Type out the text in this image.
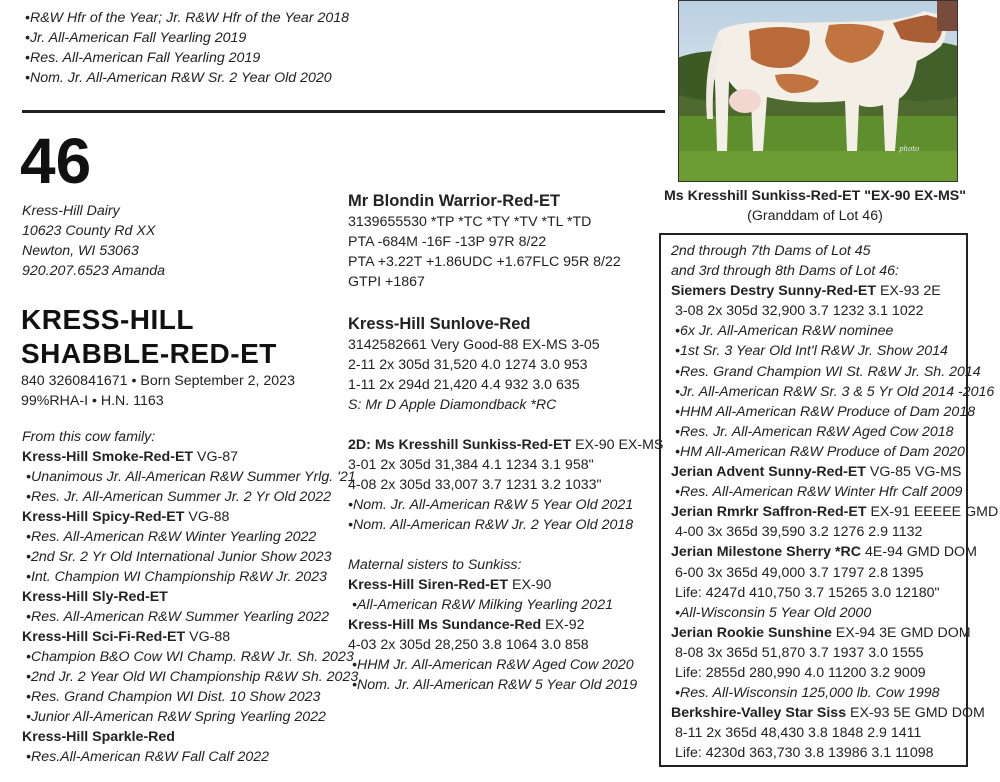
•R&W Hfr of the Year; Jr. R&W Hfr of the Year 2018
•Jr. All-American Fall Yearling 2019
•Res. All-American Fall Yearling 2019
•Nom. Jr. All-American R&W Sr. 2 Year Old 2020
46
Kress-Hill Dairy
10623 County Rd XX
Newton, WI 53063
920.207.6523 Amanda
KRESS-HILL
SHABBLE-RED-ET
840 3260841671 • Born September 2, 2023
99%RHA-I • H.N. 1163
From this cow family:
Kress-Hill Smoke-Red-ET VG-87
•Unanimous Jr. All-American R&W Summer Yrlg. '21
•Res. Jr. All-American Summer Jr. 2 Yr Old 2022
Kress-Hill Spicy-Red-ET VG-88
•Res. All-American R&W Winter Yearling 2022
•2nd Sr. 2 Yr Old International Junior Show 2023
•Int. Champion WI Championship R&W Jr. 2023
Kress-Hill Sly-Red-ET
•Res. All-American R&W Summer Yearling 2022
Kress-Hill Sci-Fi-Red-ET VG-88
•Champion B&O Cow WI Champ. R&W Jr. Sh. 2023
•2nd Jr. 2 Year Old WI Championship R&W Sh. 2023
•Res. Grand Champion WI Dist. 10 Show 2023
•Junior All-American R&W Spring Yearling 2022
Kress-Hill Sparkle-Red
•Res.All-American R&W Fall Calf 2022
Mr Blondin Warrior-Red-ET
3139655530 *TP *TC *TY *TV *TL *TD
PTA -684M -16F -13P 97R 8/22
PTA +3.22T +1.86UDC +1.67FLC 95R 8/22
GTPI +1867
Kress-Hill Sunlove-Red
3142582661 Very Good-88 EX-MS 3-05
2-11 2x 305d 31,520 4.0 1274 3.0 953
1-11 2x 294d 21,420 4.4 932 3.0 635
S: Mr D Apple Diamondback *RC
2D: Ms Kresshill Sunkiss-Red-ET EX-90 EX-MS
3-01 2x 305d 31,384 4.1 1234 3.1 958"
4-08 2x 305d 33,007 3.7 1231 3.2 1033"
•Nom. Jr. All-American R&W 5 Year Old 2021
•Nom. All-American R&W Jr. 2 Year Old 2018
Maternal sisters to Sunkiss:
Kress-Hill Siren-Red-ET EX-90
•All-American R&W Milking Yearling 2021
Kress-Hill Ms Sundance-Red EX-92
4-03 2x 305d 28,250 3.8 1064 3.0 858
•HHM Jr. All-American R&W Aged Cow 2020
•Nom. Jr. All-American R&W 5 Year Old 2019
photo
Ms Kresshill Sunkiss-Red-ET "EX-90 EX-MS"
(Granddam of Lot 46)
2nd through 7th Dams of Lot 45
and 3rd through 8th Dams of Lot 46:
Siemers Destry Sunny-Red-ET EX-93 2E
3-08 2x 305d 32,900 3.7 1232 3.1 1022
•6x Jr. All-American R&W nominee
•1st Sr. 3 Year Old Int'l R&W Jr. Show 2014
•Res. Grand Champion WI St. R&W Jr. Sh. 2014
•Jr. All-American R&W Sr. 3 & 5 Yr Old 2014 -2016
•HHM All-American R&W Produce of Dam 2018
•Res. Jr. All-American R&W Aged Cow 2018
•HM All-American R&W Produce of Dam 2020
Jerian Advent Sunny-Red-ET VG-85 VG-MS
•Res. All-American R&W Winter Hfr Calf 2009
Jerian Rmrkr Saffron-Red-ET EX-91 EEEEE GMD
4-00 3x 365d 39,590 3.2 1276 2.9 1132
Jerian Milestone Sherry *RC 4E-94 GMD DOM
6-00 3x 365d 49,000 3.7 1797 2.8 1395
Life: 4247d 410,750 3.7 15265 3.0 12180"
•All-Wisconsin 5 Year Old 2000
Jerian Rookie Sunshine EX-94 3E GMD DOM
8-08 3x 365d 51,870 3.7 1937 3.0 1555
Life: 2855d 280,990 4.0 11200 3.2 9009
•Res. All-Wisconsin 125,000 lb. Cow 1998
Berkshire-Valley Star Siss EX-93 5E GMD DOM
8-11 2x 365d 48,430 3.8 1848 2.9 1411
Life: 4230d 363,730 3.8 13986 3.1 11098
